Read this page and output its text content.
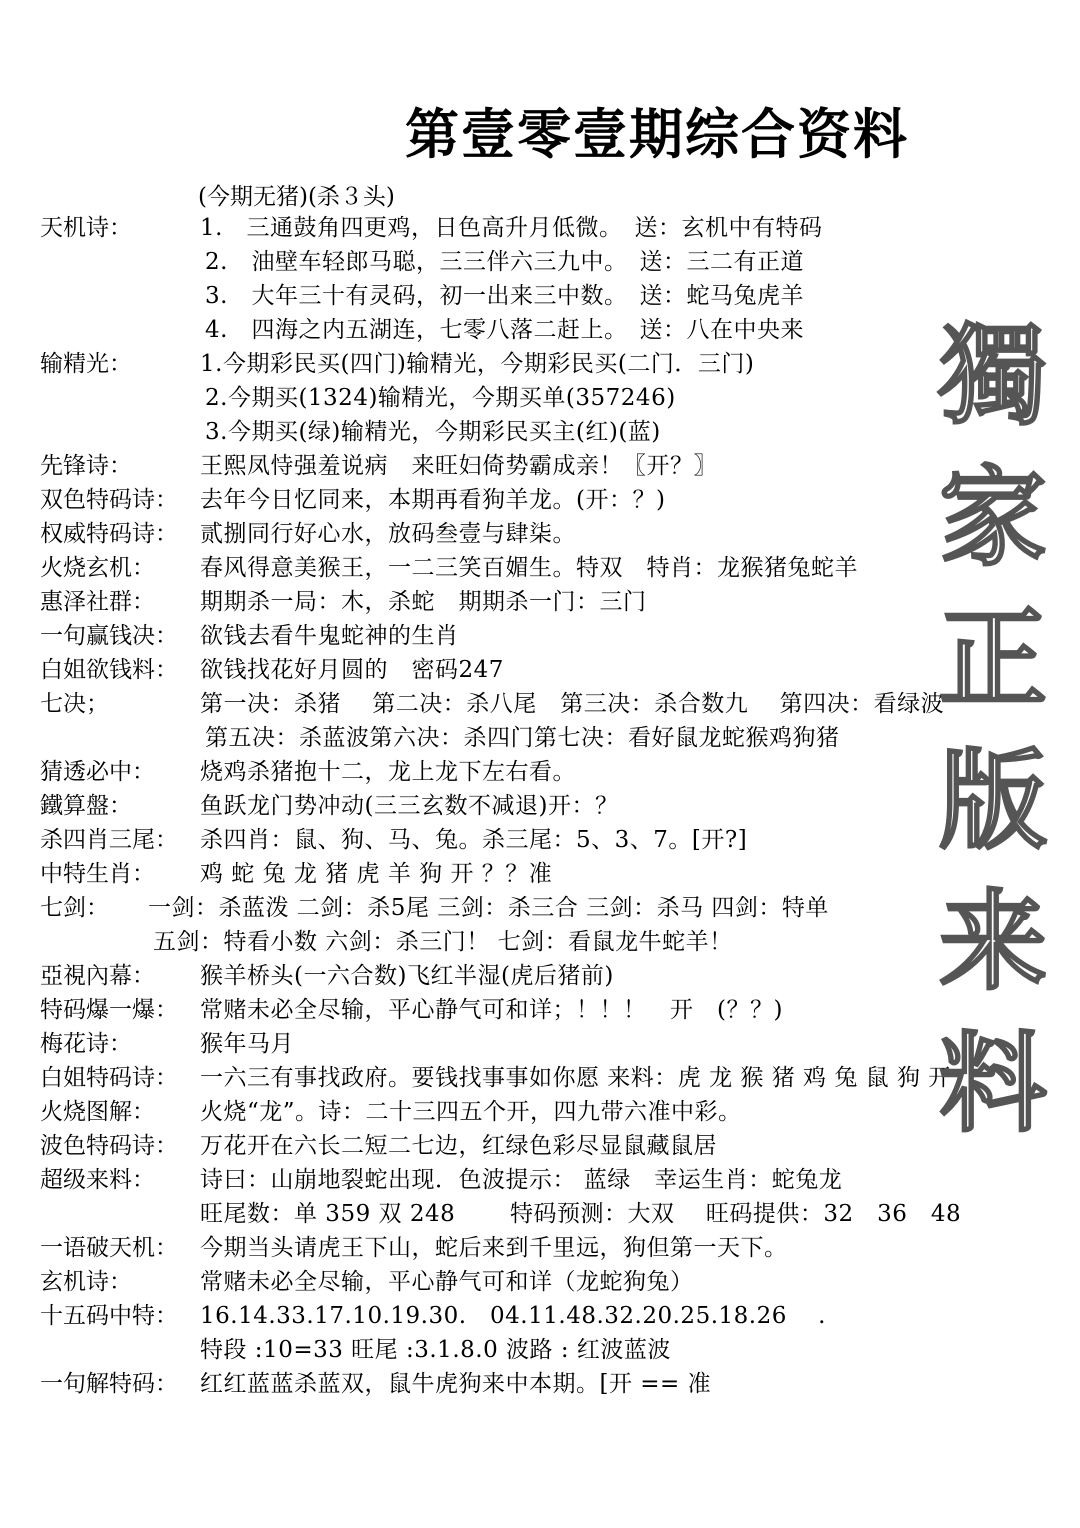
第壹零壹期综合资料
(今期无猪)(杀３头)
天机诗：	1.　三通鼓角四更鸡，日色高升月低微。　送：玄机中有特码
2.　油壁车轻郎马聪，三三伴六三九中。　送：三二有正道
3.　大年三十有灵码，初一出来三中数。　送：蛇马兔虎羊
4.　四海之内五湖连，七零八落二赶上。　送：八在中央来
输精光：	1.今期彩民买(四门)输精光，今期彩民买(二门．三门)
2.今期买(1324)输精光，今期买单(357246)
3.今期买(绿)输精光，今期彩民买主(红)(蓝)
先锋诗：	王熙凤恃强羞说病　来旺妇倚势霸成亲！〖开？〗
双色特码诗： 去年今日忆同来，本期再看狗羊龙。(开：？)
权威特码诗： 贰捌同行好心水，放码叁壹与肆柒。
火烧玄机： 春风得意美猴王，一二三笑百媚生。特双　特肖：龙猴猪兔蛇羊
惠泽社群： 期期杀一局：木，杀蛇　期期杀一门：三门
一句赢钱决： 欲钱去看牛鬼蛇神的生肖
白姐欲钱料： 欲钱找花好月圆的　密码247
七决；	第一决：杀猪　 第二决：杀八尾　第三决：杀合数九　 第四决：看绿波
第五决：杀蓝波第六决：杀四门第七决：看好鼠龙蛇猴鸡狗猪
猜透必中： 烧鸡杀猪抱十二，龙上龙下左右看。
鐵算盤：	鱼跃龙门势冲动(三三玄数不减退)开：？
杀四肖三尾： 杀四肖：鼠、狗、马、兔。杀三尾：5、3、7。[开?]
中特生肖： 鸡 蛇 兔 龙 猪 虎 羊 狗 开 ？？准
七剑： 一剑：杀蓝泼 二剑：杀5尾 三剑：杀三合 三剑：杀马 四剑：特单
五剑：特看小数 六剑：杀三门！ 七剑：看鼠龙牛蛇羊！
亞視內幕： 猴羊桥头(一六合数)飞红半湿(虎后猪前)
特码爆一爆： 常赌未必全尽输，平心静气可和详；！！！　开　(？？)
梅花诗：	猴年马月
白姐特码诗： 一六三有事找政府。要钱找事事如你愿 来料：虎 龙 猴 猪 鸡 兔 鼠 狗 开
火烧图解： 火烧“龙”。诗：二十三四五个开，四九带六准中彩。
波色特码诗： 万花开在六长二短二七边，红绿色彩尽显鼠藏鼠居
超级来料： 诗曰：山崩地裂蛇出现．色波提示： 蓝绿　幸运生肖：蛇兔龙
旺尾数：单 359 双 248　　 特码预测：大双　 旺码提供：32　36　48
一语破天机： 今期当头请虎王下山，蛇后来到千里远，狗但第一天下。
玄机诗：	常赌未必全尽输，平心静气可和详（龙蛇狗兔）
十五码中特： 16.14.33.17.10.19.30.　04.11.48.32.20.25.18.26　 .
特段 :10=33 旺尾 :3.1.8.0 波路 : 红波蓝波
一句解特码： 红红蓝蓝杀蓝双，鼠牛虎狗来中本期。[开 == 准
獨
家
正
版
来
料
